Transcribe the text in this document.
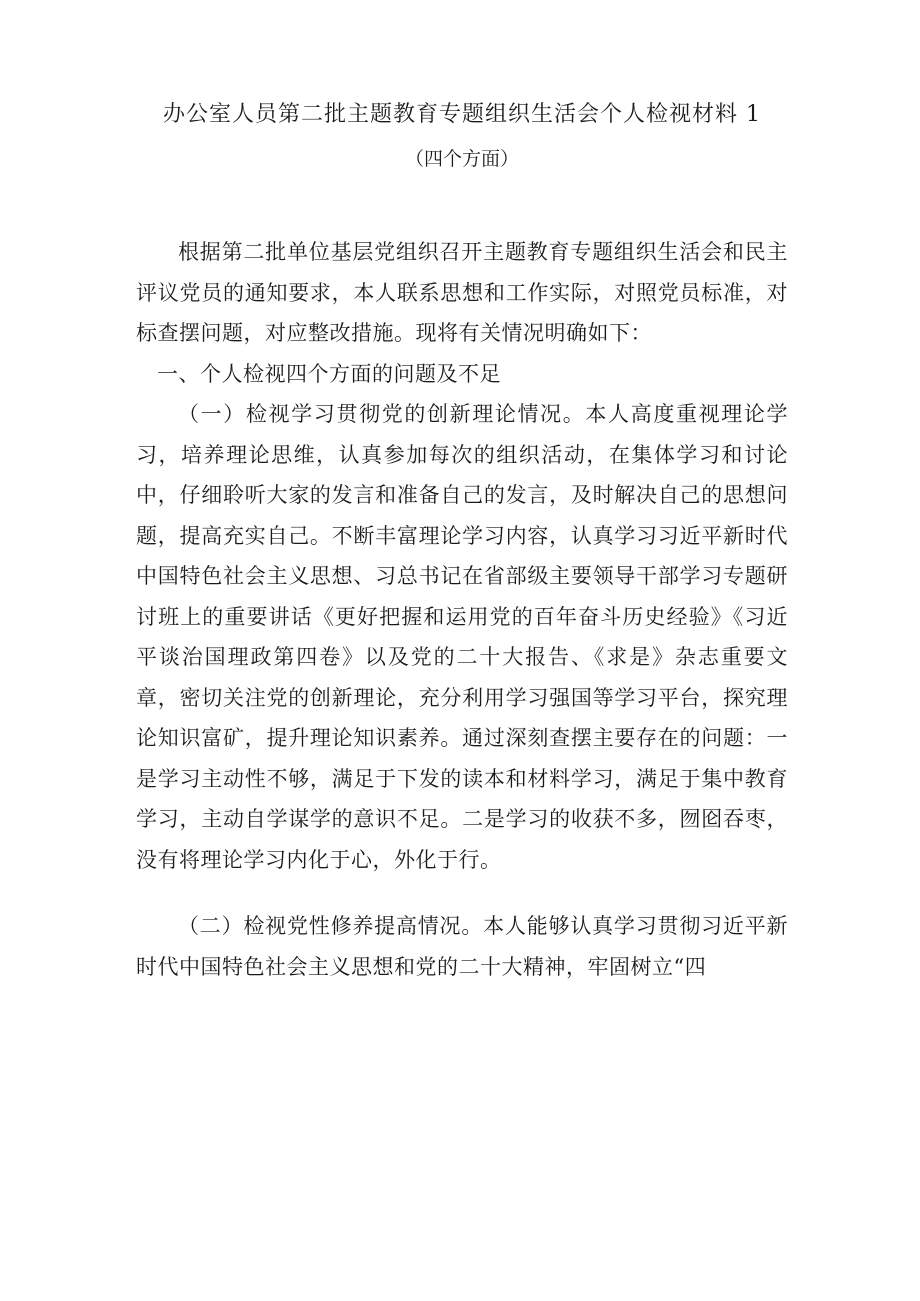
办公室人员第二批主题教育专题组织生活会个人检视材料 1
（四个方面）

根据第二批单位基层党组织召开主题教育专题组织生活会和民主评议党员的通知要求，本人联系思想和工作实际，对照党员标准，对标查摆问题，对应整改措施。现将有关情况明确如下：

一、个人检视四个方面的问题及不足

（一）检视学习贯彻党的创新理论情况。本人高度重视理论学习，培养理论思维，认真参加每次的组织活动，在集体学习和讨论中，仔细聆听大家的发言和准备自己的发言，及时解决自己的思想问题，提高充实自己。不断丰富理论学习内容，认真学习习近平新时代中国特色社会主义思想、习总书记在省部级主要领导干部学习专题研讨班上的重要讲话《更好把握和运用党的百年奋斗历史经验》《习近平谈治国理政第四卷》以及党的二十大报告、《求是》杂志重要文章，密切关注党的创新理论，充分利用学习强国等学习平台，探究理论知识富矿，提升理论知识素养。通过深刻查摆主要存在的问题：一是学习主动性不够，满足于下发的读本和材料学习，满足于集中教育学习，主动自学谋学的意识不足。二是学习的收获不多，囫囵吞枣，没有将理论学习内化于心，外化于行。

（二）检视党性修养提高情况。本人能够认真学习贯彻习近平新时代中国特色社会主义思想和党的二十大精神，牢固树立“四
